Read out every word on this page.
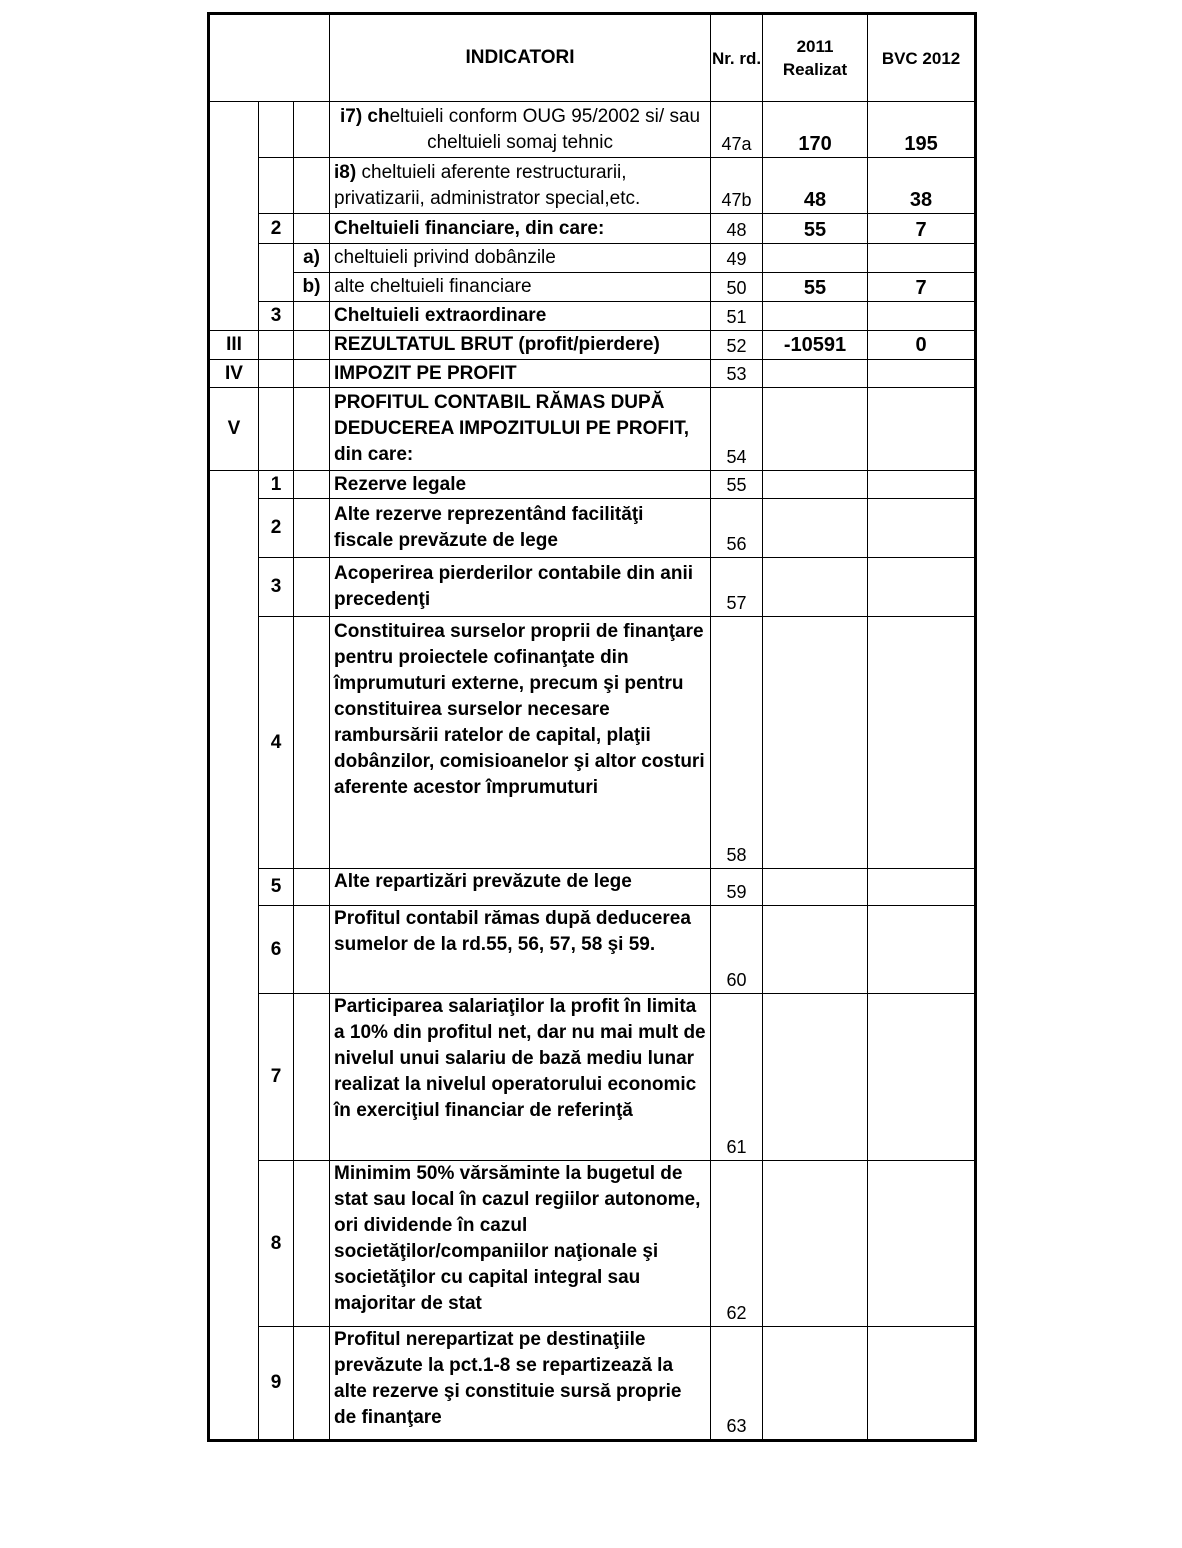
			INDICATORI	Nr. rd.	2011 Realizat	BVC 2012
			i7) cheltuieli conform OUG 95/2002 si/ sau cheltuieli somaj tehnic	47a	170	195
			i8) cheltuieli aferente restructurarii, privatizarii, administrator special,etc.	47b	48	38
	2		Cheltuieli financiare, din care:	48	55	7
		a)	cheltuieli privind dobânzile	49		
		b)	alte cheltuieli financiare	50	55	7
	3		Cheltuieli extraordinare	51		
III			REZULTATUL BRUT (profit/pierdere)	52	-10591	0
IV			IMPOZIT PE PROFIT	53		
V			PROFITUL CONTABIL RĂMAS DUPĂ DEDUCEREA IMPOZITULUI PE PROFIT, din care:	54		
	1		Rezerve legale	55		
	2		Alte rezerve reprezentând facilităţi fiscale prevăzute de lege	56		
	3		Acoperirea pierderilor contabile din anii precedenţi	57		
	4		Constituirea surselor proprii de finanţare pentru proiectele cofinanţate din împrumuturi externe, precum şi pentru constituirea surselor necesare rambursării ratelor de capital, plaţii dobânzilor, comisioanelor şi altor costuri aferente acestor împrumuturi	58		
	5		Alte repartizări prevăzute de lege	59		
	6		Profitul contabil rămas după deducerea sumelor de la rd.55, 56, 57, 58 şi 59.	60		
	7		Participarea salariaţilor la profit în limita a 10% din profitul net, dar nu mai mult de nivelul unui salariu de bază mediu lunar realizat la nivelul operatorului economic în exerciţiul financiar de referinţă	61		
	8		Minimim 50% vărsăminte la bugetul de stat sau local în cazul regiilor autonome, ori dividende în cazul societăţilor/companiilor naţionale şi societăţilor cu capital integral sau majoritar de stat	62		
	9		Profitul nerepartizat pe destinaţiile prevăzute la pct.1-8 se repartizează la alte rezerve şi constituie sursă proprie de finanţare	63		
